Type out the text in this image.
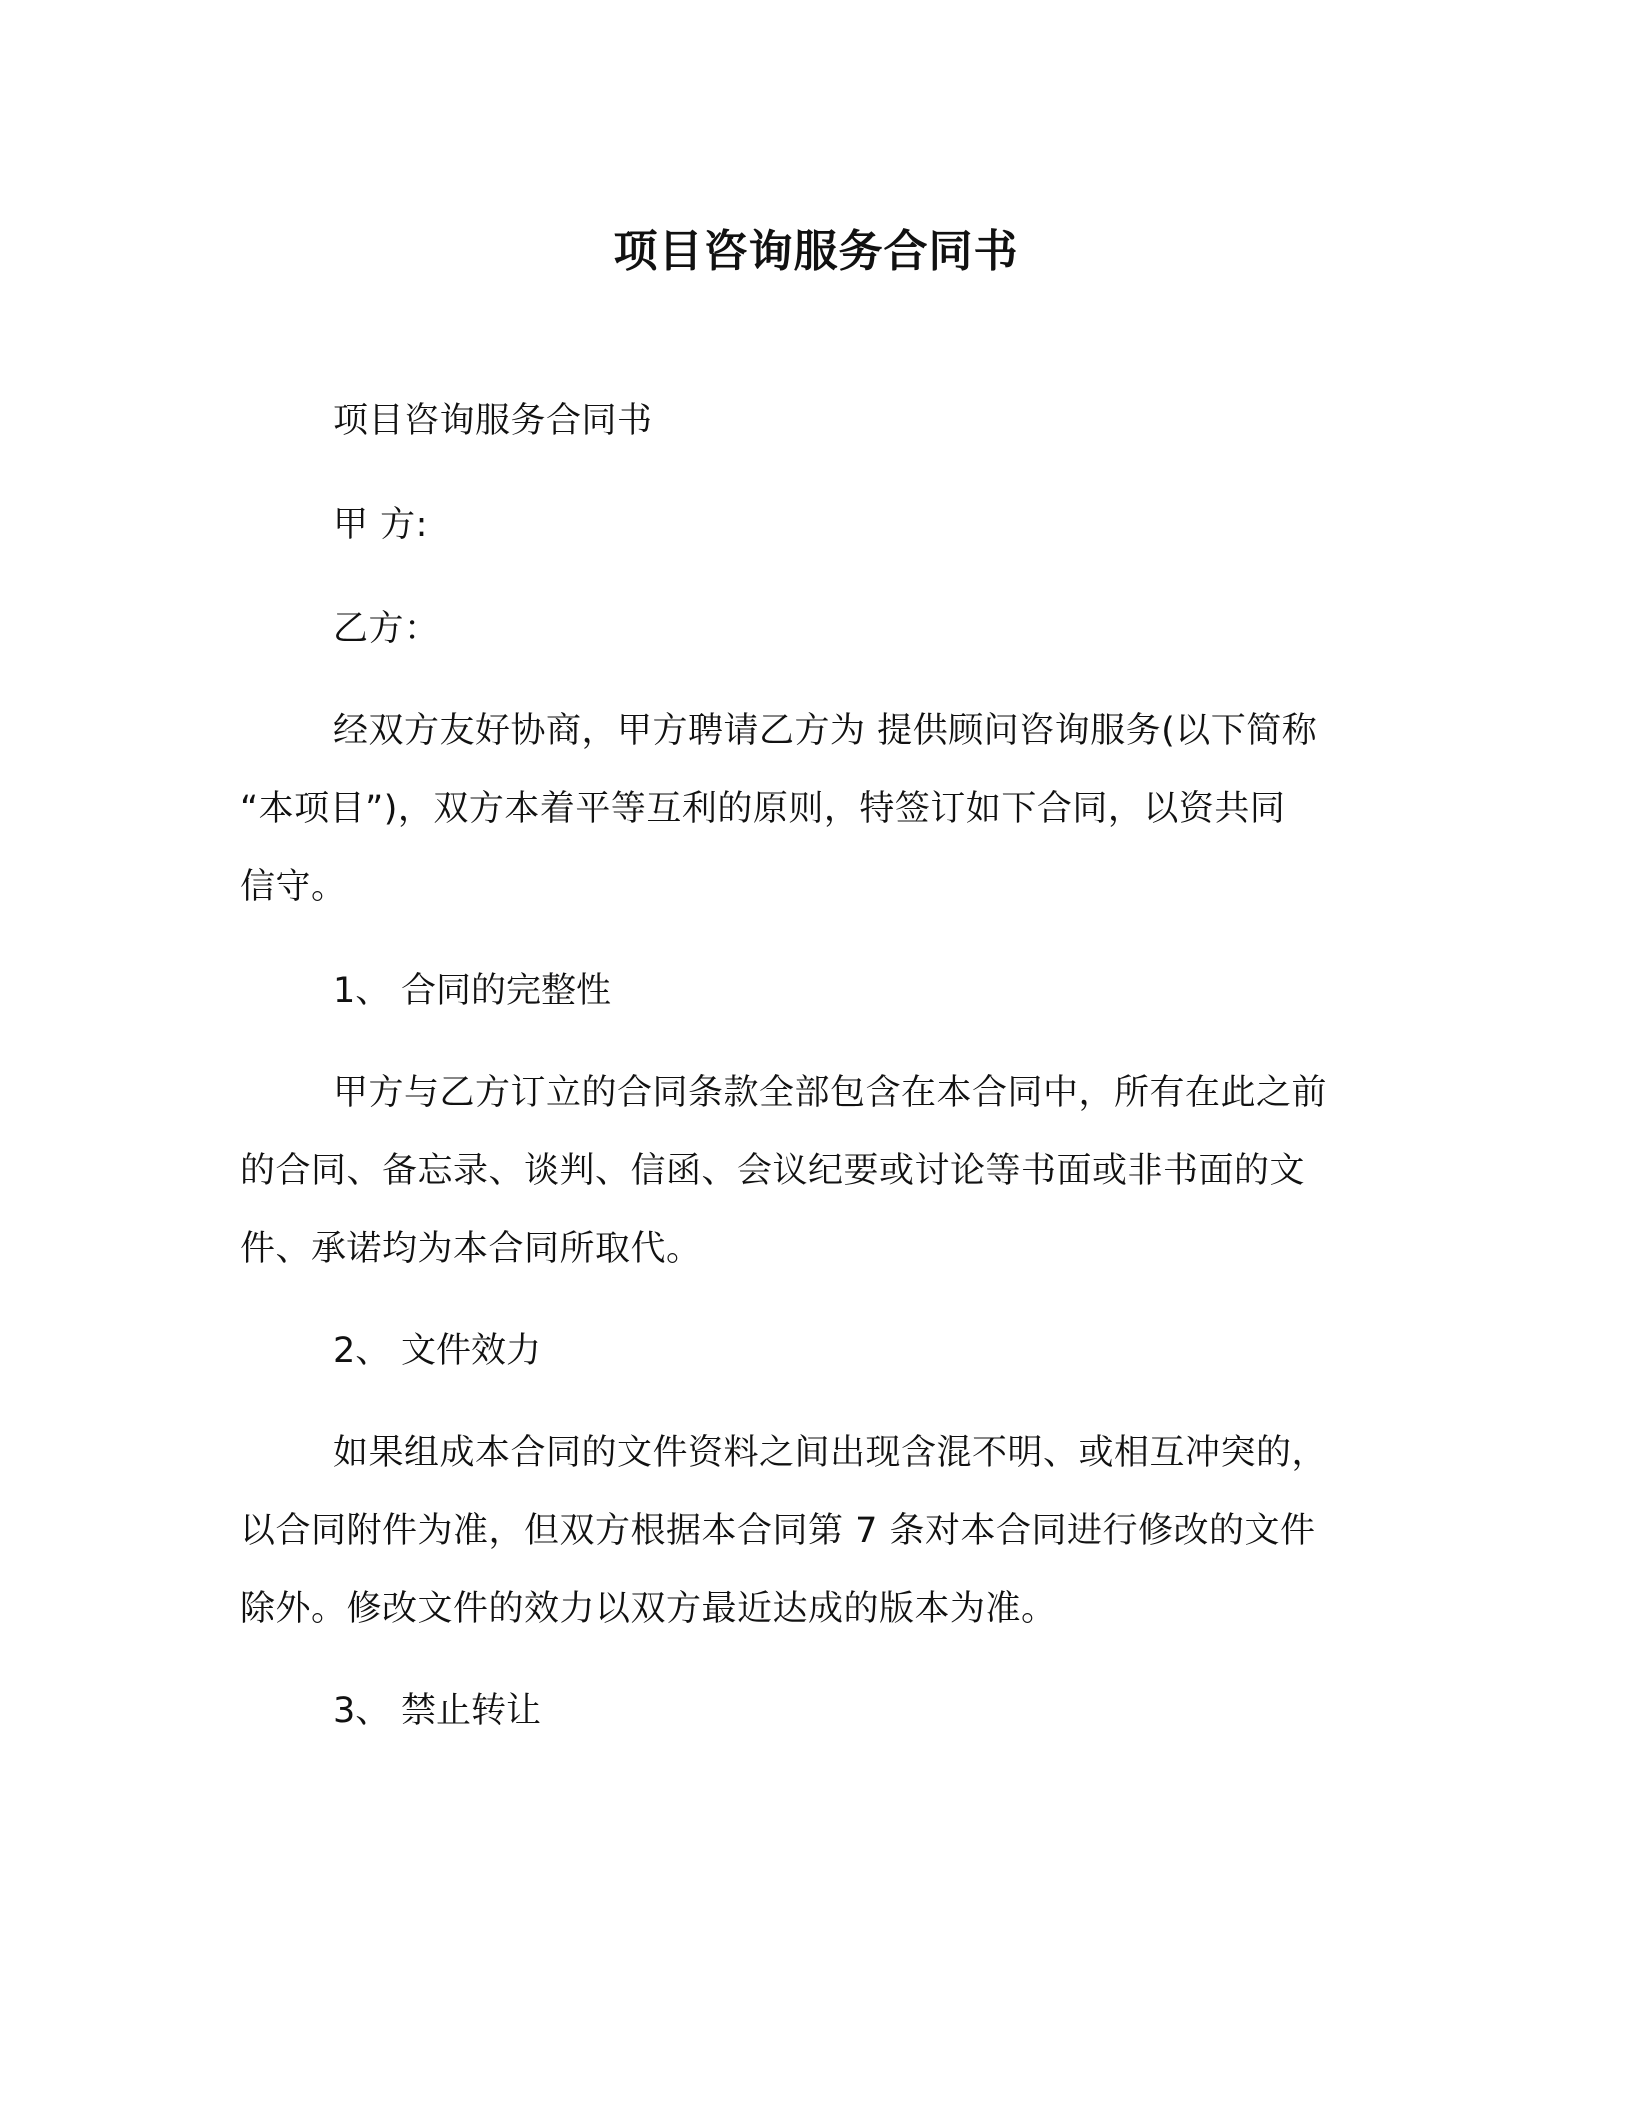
项目咨询服务合同书
项目咨询服务合同书
甲 方:
乙方：
经双方友好协商，甲方聘请乙方为 提供顾问咨询服务(以下简称
“本项目”)，双方本着平等互利的原则，特签订如下合同，以资共同
信守。
1、 合同的完整性
甲方与乙方订立的合同条款全部包含在本合同中，所有在此之前
的合同、备忘录、谈判、信函、会议纪要或讨论等书面或非书面的文
件、承诺均为本合同所取代。
2、 文件效力
如果组成本合同的文件资料之间出现含混不明、或相互冲突的，
以合同附件为准，但双方根据本合同第 7 条对本合同进行修改的文件
除外。修改文件的效力以双方最近达成的版本为准。
3、 禁止转让
